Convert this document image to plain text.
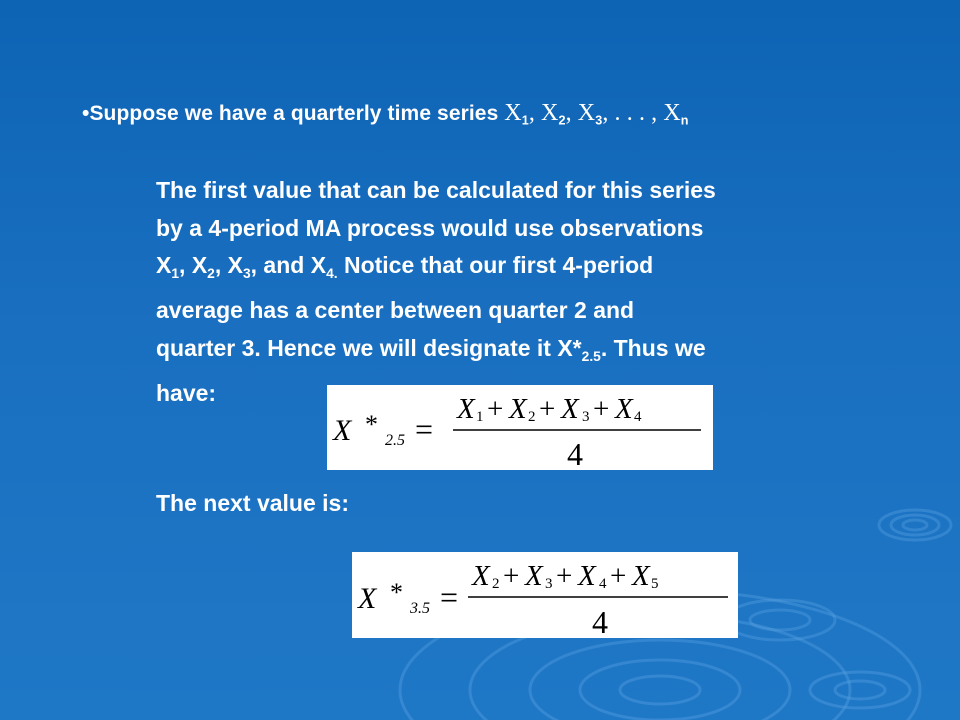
•Suppose we have a quarterly time series $X_1$, $X_2$, $X_3$, . . . , $X_n$
The first value that can be calculated for this series
by a 4-period MA process would use observations
$X_1$, $X_2$, $X_3$, and $X_{4.}$ Notice that our first 4-period
average has a center between quarter 2 and
quarter 3. Hence we will designate it $X*_{2.5}$. Thus we
have:
X *
2.5 =
X 1 + X 2 + X 3 + X 4
4
The next value is:
X *
3.5 =
X 2 + X 3 + X 4 + X 5
4
